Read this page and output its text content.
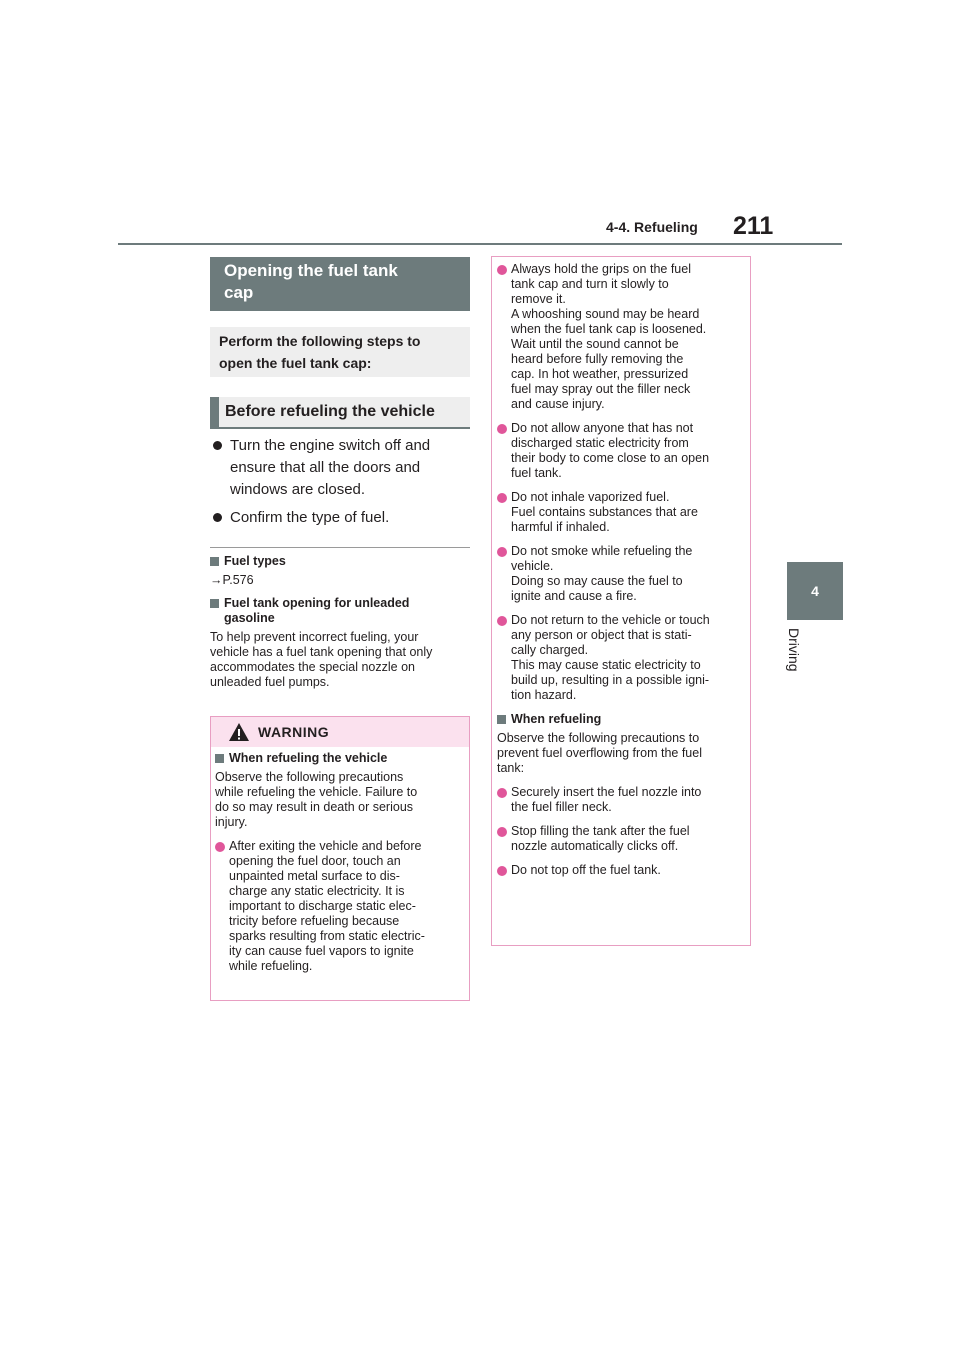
4-4. Refueling 211
4
Driving
Opening the fuel tank
cap
Perform the following steps to
open the fuel tank cap:
Before refueling the vehicle
Turn the engine switch off and
ensure that all the doors and
windows are closed.
Confirm the type of fuel.
Fuel types
→P.576
Fuel tank opening for unleaded
gasoline
To help prevent incorrect fueling, your
vehicle has a fuel tank opening that only
accommodates the special nozzle on
unleaded fuel pumps.
WARNING
When refueling the vehicle
Observe the following precautions
while refueling the vehicle. Failure to
do so may result in death or serious
injury.
After exiting the vehicle and before
opening the fuel door, touch an
unpainted metal surface to dis-
charge any static electricity. It is
important to discharge static elec-
tricity before refueling because
sparks resulting from static electric-
ity can cause fuel vapors to ignite
while refueling.
Always hold the grips on the fuel
tank cap and turn it slowly to
remove it.
A whooshing sound may be heard
when the fuel tank cap is loosened.
Wait until the sound cannot be
heard before fully removing the
cap. In hot weather, pressurized
fuel may spray out the filler neck
and cause injury.
Do not allow anyone that has not
discharged static electricity from
their body to come close to an open
fuel tank.
Do not inhale vaporized fuel.
Fuel contains substances that are
harmful if inhaled.
Do not smoke while refueling the
vehicle.
Doing so may cause the fuel to
ignite and cause a fire.
Do not return to the vehicle or touch
any person or object that is stati-
cally charged.
This may cause static electricity to
build up, resulting in a possible igni-
tion hazard.
When refueling
Observe the following precautions to
prevent fuel overflowing from the fuel
tank:
Securely insert the fuel nozzle into
the fuel filler neck.
Stop filling the tank after the fuel
nozzle automatically clicks off.
Do not top off the fuel tank.
